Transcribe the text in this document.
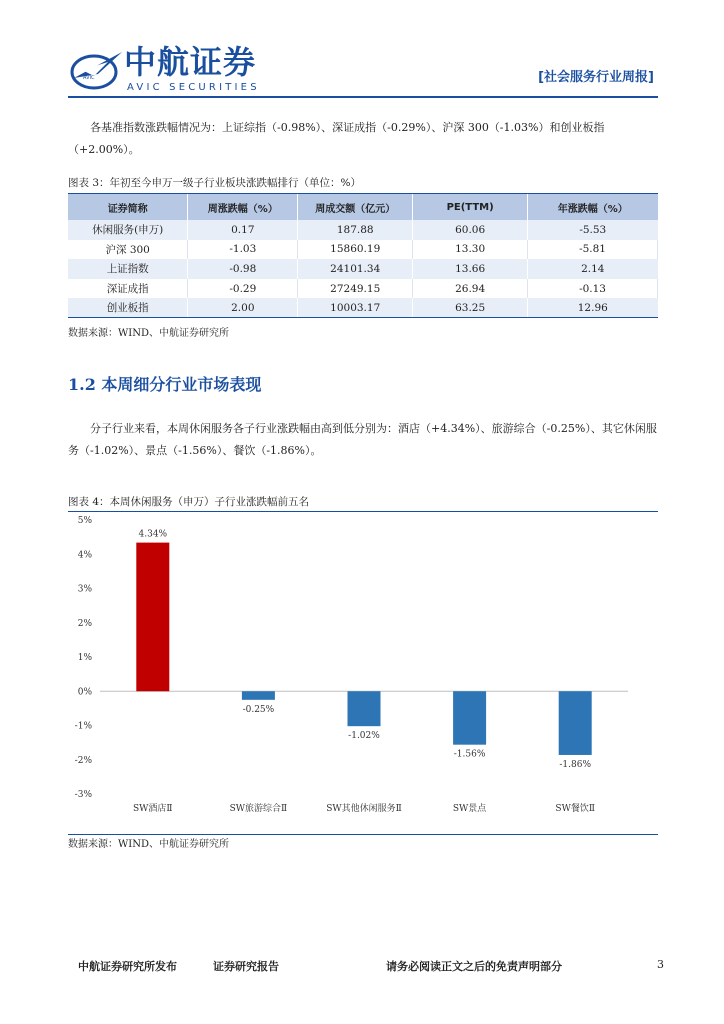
AVIC 中航证券
AVIC SECURITIES
[社会服务行业周报]

各基准指数涨跌幅情况为：上证综指（-0.98%）、深证成指（-0.29%）、沪深 300（-1.03%）和创业板指（+2.00%）。

图表 3：年初至今申万一级子行业板块涨跌幅排行（单位：%）
证券简称	周涨跌幅（%）	周成交额（亿元）	PE(TTM)	年涨跌幅（%）
休闲服务(申万)	0.17	187.88	60.06	-5.53
沪深 300	-1.03	15860.19	13.30	-5.81
上证指数	-0.98	24101.34	13.66	2.14
深证成指	-0.29	27249.15	26.94	-0.13
创业板指	2.00	10003.17	63.25	12.96
数据来源：WIND、中航证券研究所
1.2 本周细分行业市场表现

分子行业来看，本周休闲服务各子行业涨跌幅由高到低分别为：酒店（+4.34%）、旅游综合（-0.25%）、其它休闲服务（-1.02%）、景点（-1.56%）、餐饮（-1.86%）。

图表 4：本周休闲服务（申万）子行业涨跌幅前五名
5%
4%
3%
2%
1%
0%
-1%
-2%
-3%
4.34%
SW酒店Ⅱ
-0.25%
SW旅游综合Ⅱ
-1.02%
SW其他休闲服务Ⅱ
-1.56%
SW景点
-1.86%
SW餐饮Ⅱ
数据来源：WIND、中航证券研究所
中航证券研究所发布	证券研究报告	请务必阅读正文之后的免责声明部分	3
